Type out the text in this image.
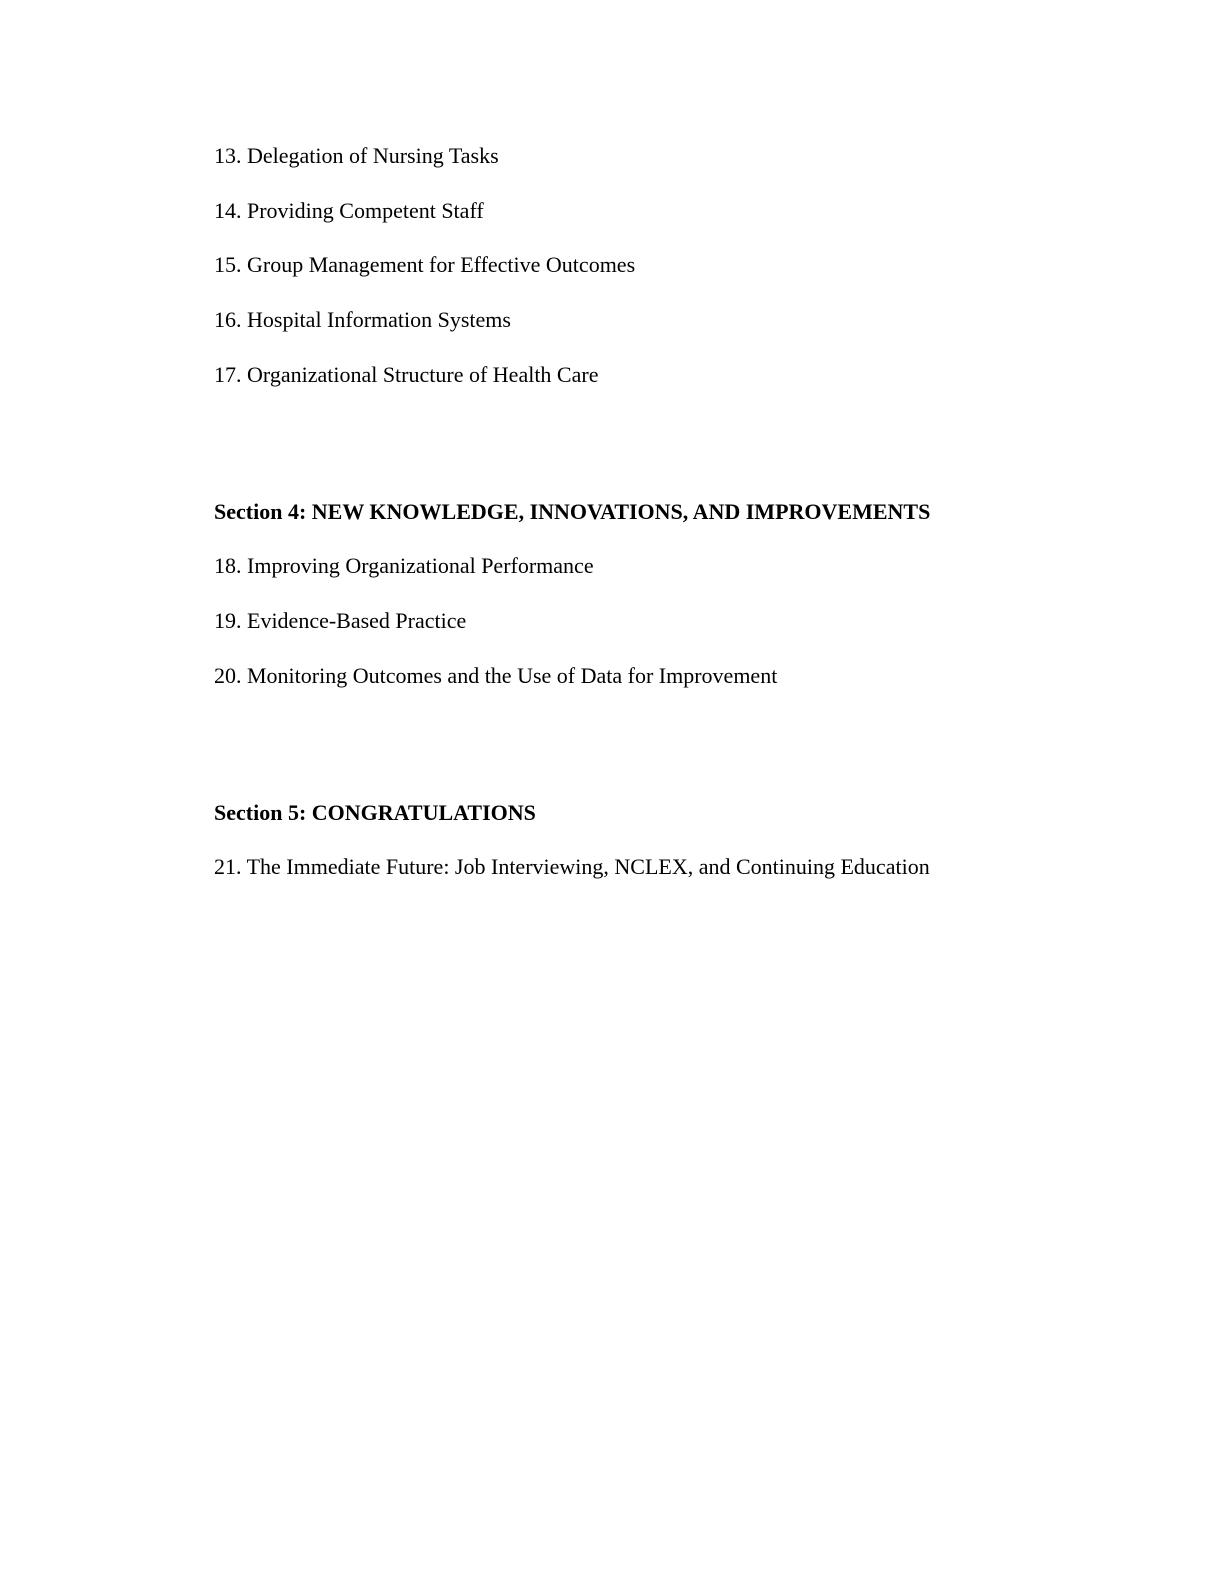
13. Delegation of Nursing Tasks
14. Providing Competent Staff
15. Group Management for Effective Outcomes
16. Hospital Information Systems
17. Organizational Structure of Health Care
Section 4: NEW KNOWLEDGE, INNOVATIONS, AND IMPROVEMENTS
18. Improving Organizational Performance
19. Evidence-Based Practice
20. Monitoring Outcomes and the Use of Data for Improvement
Section 5: CONGRATULATIONS
21. The Immediate Future: Job Interviewing, NCLEX, and Continuing Education
